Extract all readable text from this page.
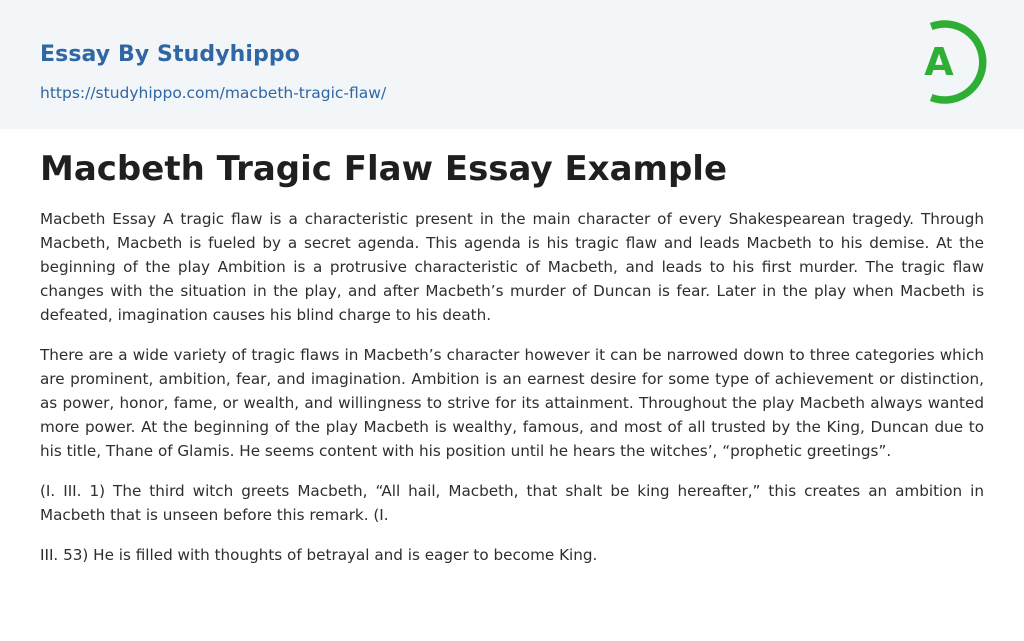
Essay By Studyhippo
https://studyhippo.com/macbeth-tragic-flaw/
A
Macbeth Tragic Flaw Essay Example

Macbeth Essay A tragic flaw is a characteristic present in the main character of every Shakespearean tragedy. Through Macbeth, Macbeth is fueled by a secret agenda. This agenda is his tragic flaw and leads Macbeth to his demise. At the beginning of the play Ambition is a protrusive characteristic of Macbeth, and leads to his first murder. The tragic flaw changes with the situation in the play, and after Macbeth’s murder of Duncan is fear. Later in the play when Macbeth is defeated, imagination causes his blind charge to his death.

There are a wide variety of tragic flaws in Macbeth’s character however it can be narrowed down to three categories which are prominent, ambition, fear, and imagination. Ambition is an earnest desire for some type of achievement or distinction, as power, honor, fame, or wealth, and willingness to strive for its attainment. Throughout the play Macbeth always wanted more power. At the beginning of the play Macbeth is wealthy, famous, and most of all trusted by the King, Duncan due to his title, Thane of Glamis. He seems content with his position until he hears the witches’, “prophetic greetings”.

(I. III. 1) The third witch greets Macbeth, “All hail, Macbeth, that shalt be king hereafter,” this creates an ambition in Macbeth that is unseen before this remark. (I.

III. 53) He is filled with thoughts of betrayal and is eager to become King.
